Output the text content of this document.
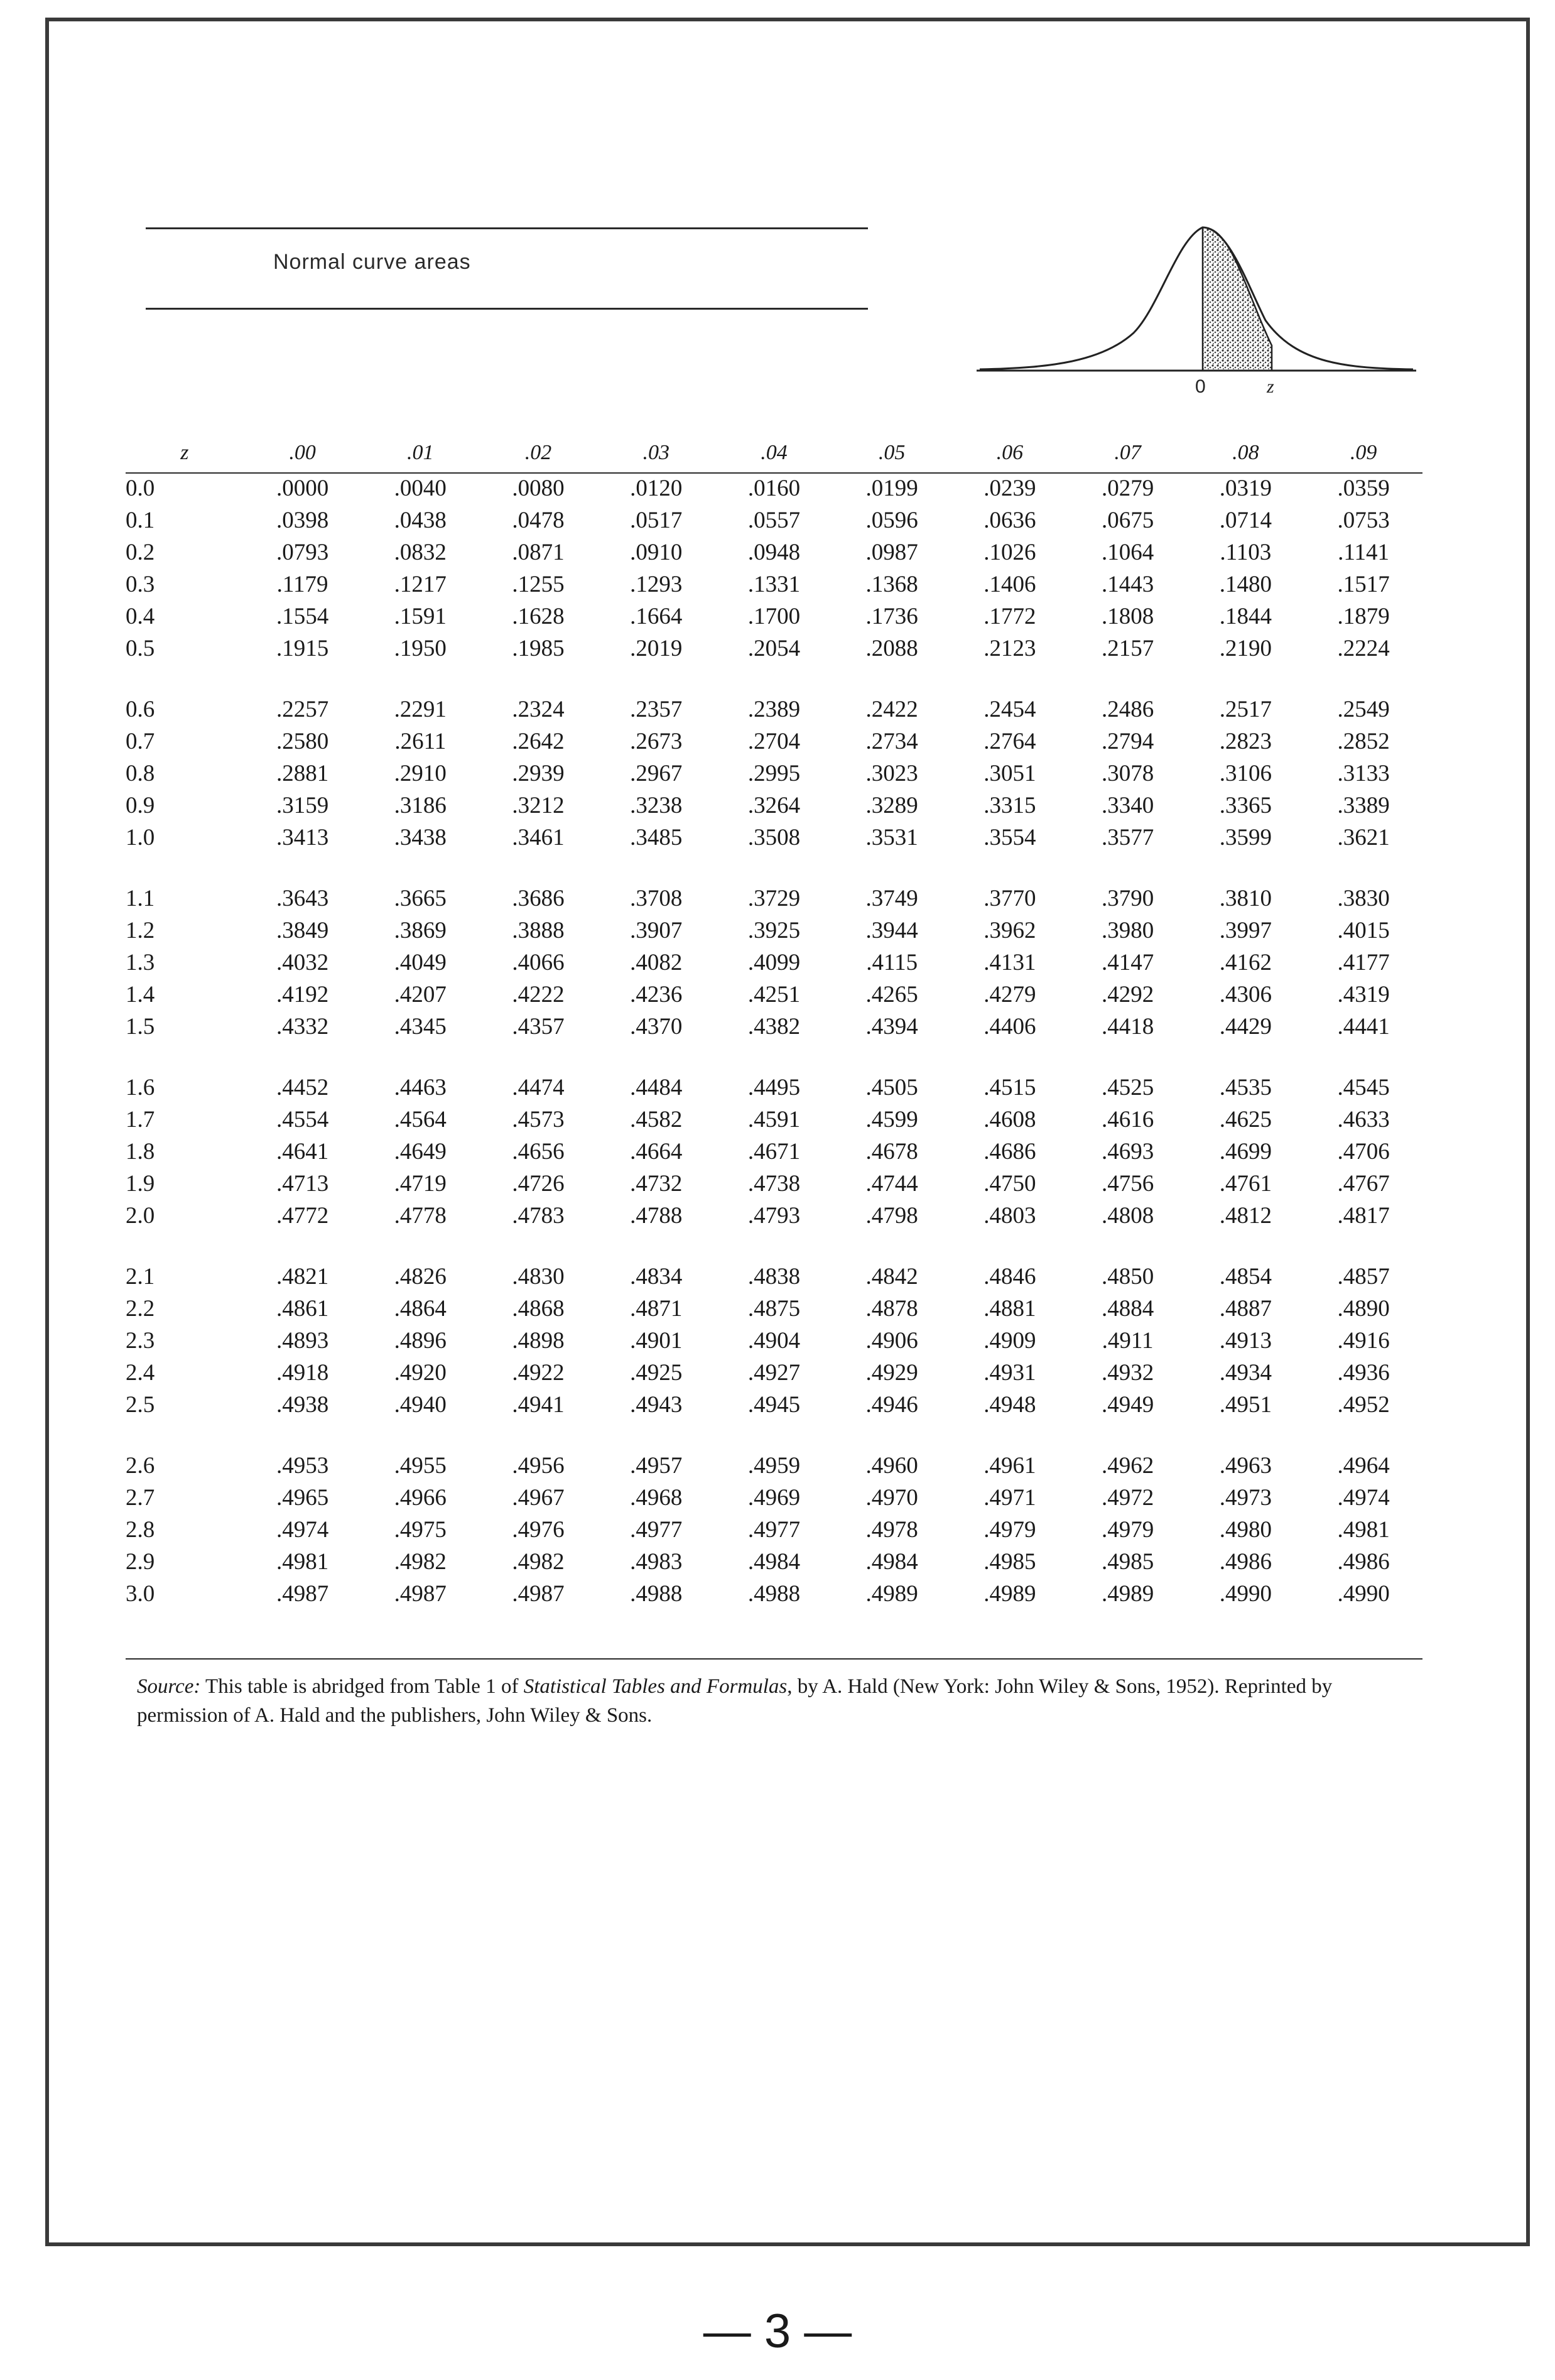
Normal curve areas
0	z
z	.00	.01	.02	.03	.04	.05	.06	.07	.08	.09
0.0	.0000	.0040	.0080	.0120	.0160	.0199	.0239	.0279	.0319	.0359
0.1	.0398	.0438	.0478	.0517	.0557	.0596	.0636	.0675	.0714	.0753
0.2	.0793	.0832	.0871	.0910	.0948	.0987	.1026	.1064	.1103	.1141
0.3	.1179	.1217	.1255	.1293	.1331	.1368	.1406	.1443	.1480	.1517
0.4	.1554	.1591	.1628	.1664	.1700	.1736	.1772	.1808	.1844	.1879
0.5	.1915	.1950	.1985	.2019	.2054	.2088	.2123	.2157	.2190	.2224

0.6	.2257	.2291	.2324	.2357	.2389	.2422	.2454	.2486	.2517	.2549
0.7	.2580	.2611	.2642	.2673	.2704	.2734	.2764	.2794	.2823	.2852
0.8	.2881	.2910	.2939	.2967	.2995	.3023	.3051	.3078	.3106	.3133
0.9	.3159	.3186	.3212	.3238	.3264	.3289	.3315	.3340	.3365	.3389
1.0	.3413	.3438	.3461	.3485	.3508	.3531	.3554	.3577	.3599	.3621

1.1	.3643	.3665	.3686	.3708	.3729	.3749	.3770	.3790	.3810	.3830
1.2	.3849	.3869	.3888	.3907	.3925	.3944	.3962	.3980	.3997	.4015
1.3	.4032	.4049	.4066	.4082	.4099	.4115	.4131	.4147	.4162	.4177
1.4	.4192	.4207	.4222	.4236	.4251	.4265	.4279	.4292	.4306	.4319
1.5	.4332	.4345	.4357	.4370	.4382	.4394	.4406	.4418	.4429	.4441

1.6	.4452	.4463	.4474	.4484	.4495	.4505	.4515	.4525	.4535	.4545
1.7	.4554	.4564	.4573	.4582	.4591	.4599	.4608	.4616	.4625	.4633
1.8	.4641	.4649	.4656	.4664	.4671	.4678	.4686	.4693	.4699	.4706
1.9	.4713	.4719	.4726	.4732	.4738	.4744	.4750	.4756	.4761	.4767
2.0	.4772	.4778	.4783	.4788	.4793	.4798	.4803	.4808	.4812	.4817

2.1	.4821	.4826	.4830	.4834	.4838	.4842	.4846	.4850	.4854	.4857
2.2	.4861	.4864	.4868	.4871	.4875	.4878	.4881	.4884	.4887	.4890
2.3	.4893	.4896	.4898	.4901	.4904	.4906	.4909	.4911	.4913	.4916
2.4	.4918	.4920	.4922	.4925	.4927	.4929	.4931	.4932	.4934	.4936
2.5	.4938	.4940	.4941	.4943	.4945	.4946	.4948	.4949	.4951	.4952

2.6	.4953	.4955	.4956	.4957	.4959	.4960	.4961	.4962	.4963	.4964
2.7	.4965	.4966	.4967	.4968	.4969	.4970	.4971	.4972	.4973	.4974
2.8	.4974	.4975	.4976	.4977	.4977	.4978	.4979	.4979	.4980	.4981
2.9	.4981	.4982	.4982	.4983	.4984	.4984	.4985	.4985	.4986	.4986
3.0	.4987	.4987	.4987	.4988	.4988	.4989	.4989	.4989	.4990	.4990
Source: This table is abridged from Table 1 of Statistical Tables and Formulas, by A. Hald (New York: John Wiley & Sons, 1952). Reprinted by permission of A. Hald and the publishers, John Wiley & Sons.
— 3 —
